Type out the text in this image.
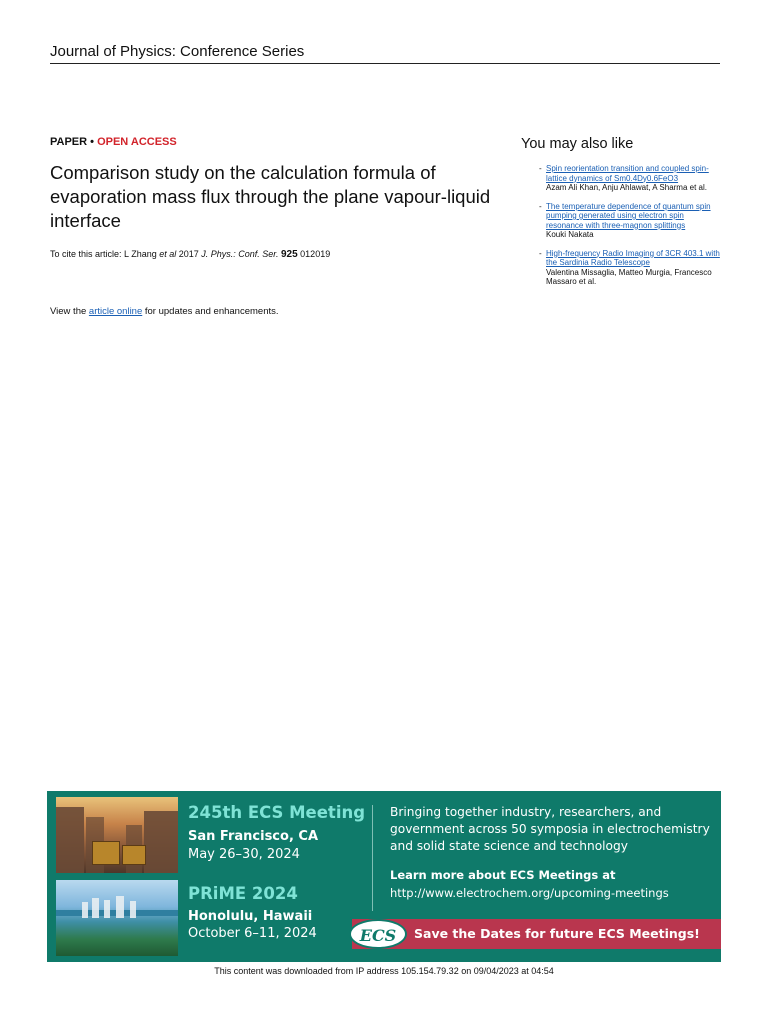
Journal of Physics: Conference Series
PAPER • OPEN ACCESS
Comparison study on the calculation formula of evaporation mass flux through the plane vapour-liquid interface
To cite this article: L Zhang et al 2017 J. Phys.: Conf. Ser. 925 012019
View the article online for updates and enhancements.
You may also like
- Spin reorientation transition and coupled spin-lattice dynamics of Sm0.4Dy0.6FeO3
Azam Ali Khan, Anju Ahlawat, A Sharma et al.
- The temperature dependence of quantum spin pumping generated using electron spin resonance with three-magnon splittings
Kouki Nakata
- High-frequency Radio Imaging of 3CR 403.1 with the Sardinia Radio Telescope
Valentina Missaglia, Matteo Murgia, Francesco Massaro et al.
245th ECS Meeting
San Francisco, CA
May 26–30, 2024
PRiME 2024
Honolulu, Hawaii
October 6–11, 2024
Bringing together industry, researchers, and government across 50 symposia in electrochemistry and solid state science and technology
Learn more about ECS Meetings at
http://www.electrochem.org/upcoming-meetings
Save the Dates for future ECS Meetings!
ECS
This content was downloaded from IP address 105.154.79.32 on 09/04/2023 at 04:54
